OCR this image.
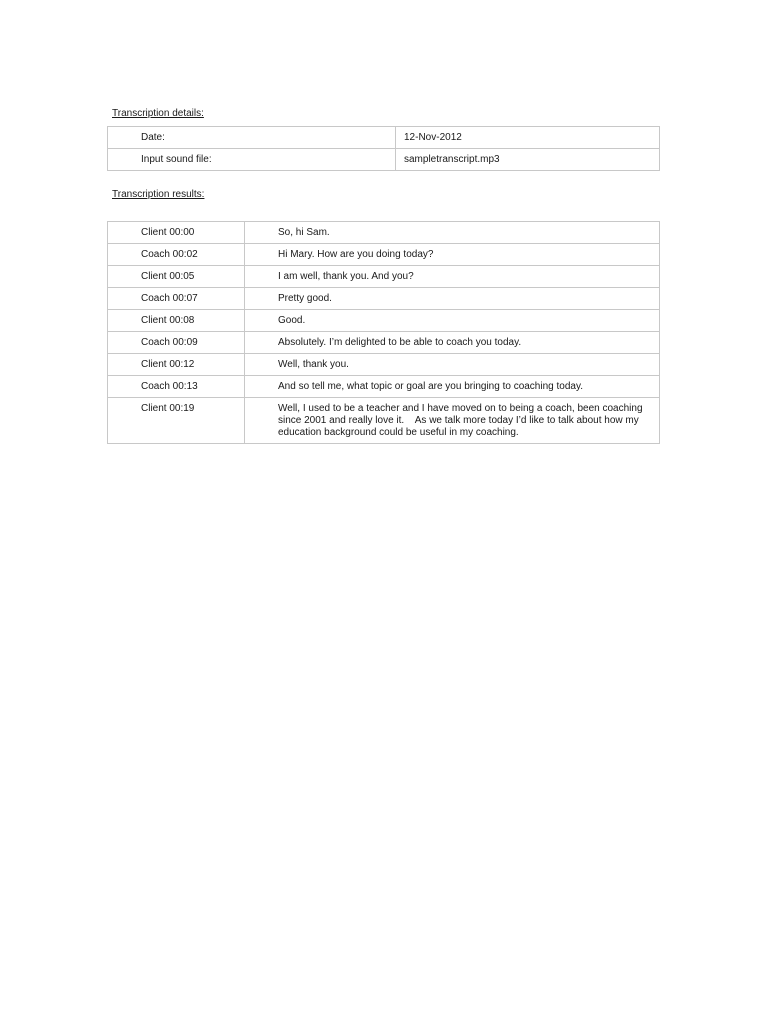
Transcription details:

Date:	12-Nov-2012
Input sound file:	sampletranscript.mp3

Transcription results:

Client 00:00	So, hi Sam.
Coach 00:02	Hi Mary. How are you doing today?
Client 00:05	I am well, thank you. And you?
Coach 00:07	Pretty good.
Client 00:08	Good.
Coach 00:09	Absolutely. I’m delighted to be able to coach you today.
Client 00:12	Well, thank you.
Coach 00:13	And so tell me, what topic or goal are you bringing to coaching today.
Client 00:19	Well, I used to be a teacher and I have moved on to being a coach, been coaching since 2001 and really love it.    As we talk more today I’d like to talk about how my education background could be useful in my coaching.
